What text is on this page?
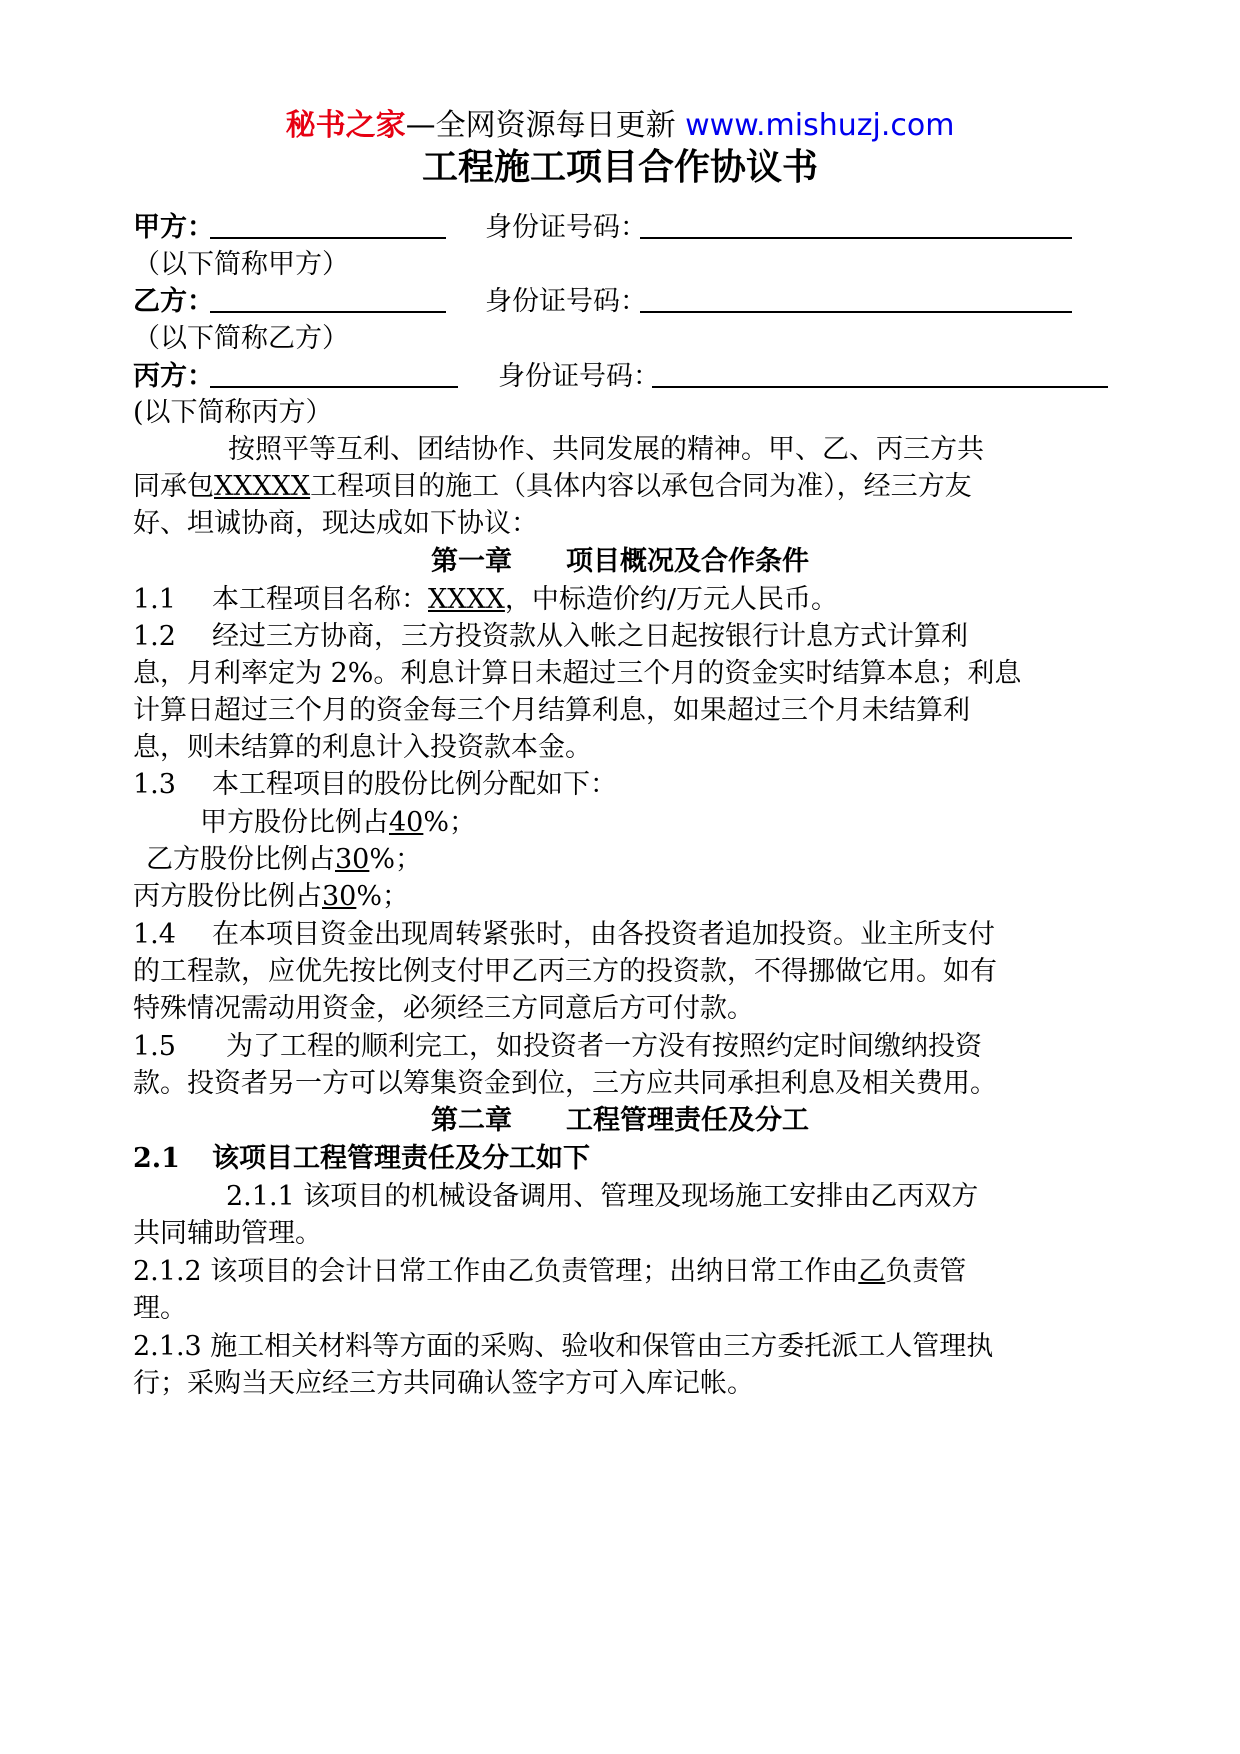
秘书之家—全网资源每日更新 www.mishuzj.com
工程施工项目合作协议书
甲方：	身份证号码：
（以下简称甲方）
乙方：	身份证号码：
（以下简称乙方）
丙方：	身份证号码：
(以下简称丙方）
按照平等互利、团结协作、共同发展的精神。甲、乙、丙三方共
同承包XXXXX工程项目的施工（具体内容以承包合同为准），经三方友
好、坦诚协商，现达成如下协议：
第一章　　项目概况及合作条件
1.1 本工程项目名称：XXXX，中标造价约/万元人民币。
1.2 经过三方协商，三方投资款从入帐之日起按银行计息方式计算利
息，月利率定为 2%。利息计算日未超过三个月的资金实时结算本息；利息
计算日超过三个月的资金每三个月结算利息，如果超过三个月未结算利
息，则未结算的利息计入投资款本金。
1.3 本工程项目的股份比例分配如下：
甲方股份比例占40%；
乙方股份比例占30%；
丙方股份比例占30%；
1.4 在本项目资金出现周转紧张时，由各投资者追加投资。业主所支付
的工程款，应优先按比例支付甲乙丙三方的投资款，不得挪做它用。如有
特殊情况需动用资金，必须经三方同意后方可付款。
1.5 为了工程的顺利完工，如投资者一方没有按照约定时间缴纳投资
款。投资者另一方可以筹集资金到位，三方应共同承担利息及相关费用。
第二章　　工程管理责任及分工
2.1 该项目工程管理责任及分工如下
2.1.1 该项目的机械设备调用、管理及现场施工安排由乙丙双方
共同辅助管理。
2.1.2 该项目的会计日常工作由乙负责管理；出纳日常工作由乙负责管
理。
2.1.3 施工相关材料等方面的采购、验收和保管由三方委托派工人管理执
行；采购当天应经三方共同确认签字方可入库记帐。
